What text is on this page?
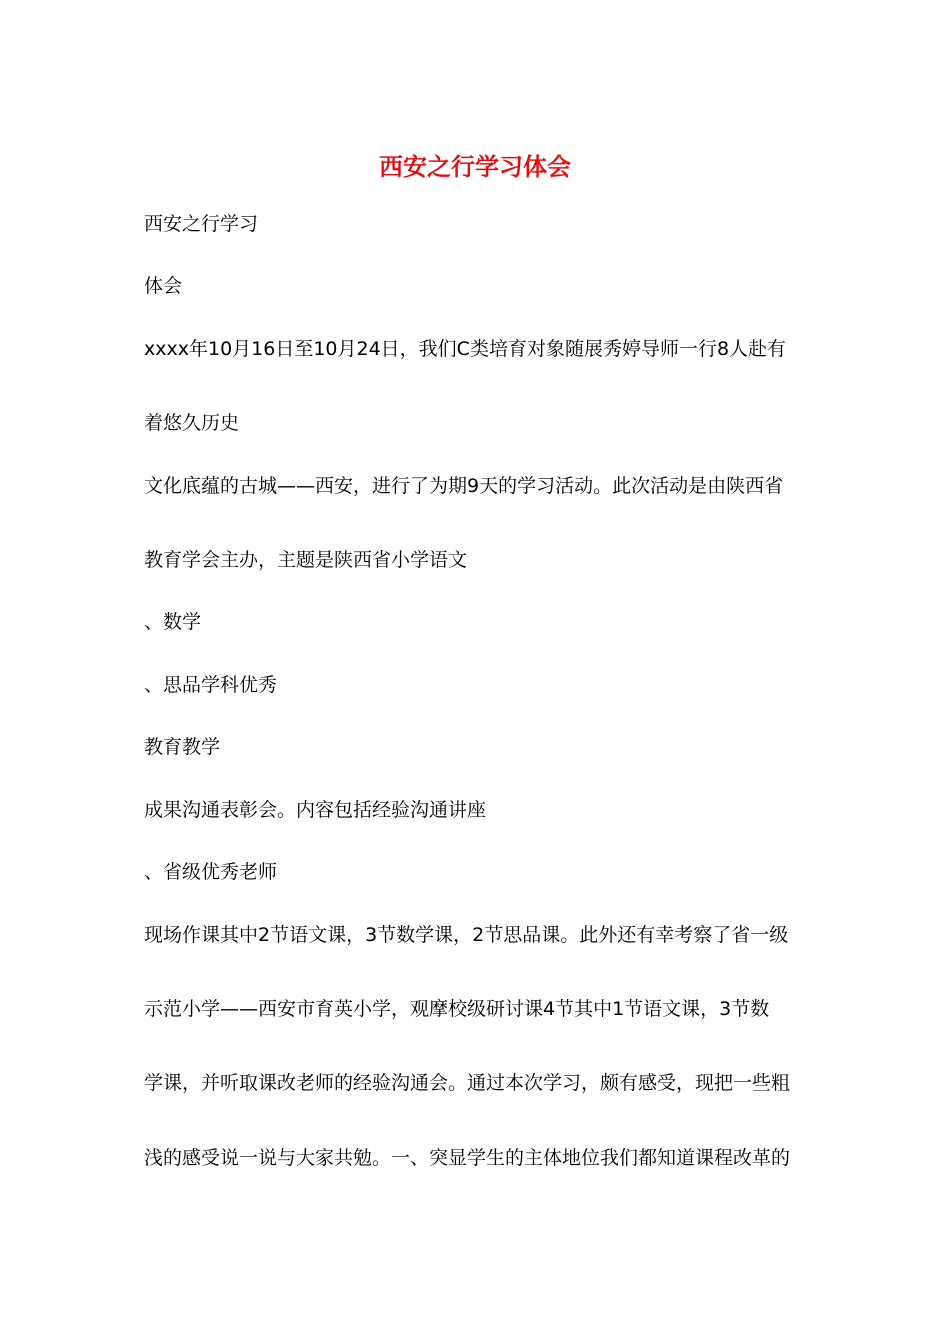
西安之行学习体会

西安之行学习

体会

xxxx年10月16日至10月24日，我们C类培育对象随展秀婷导师一行8人赴有

着悠久历史

文化底蕴的古城——西安，进行了为期9天的学习活动。此次活动是由陕西省

教育学会主办，主题是陕西省小学语文

、数学

、思品学科优秀

教育教学

成果沟通表彰会。内容包括经验沟通讲座

、省级优秀老师

现场作课其中2节语文课，3节数学课，2节思品课。此外还有幸考察了省一级

示范小学——西安市育英小学，观摩校级研讨课4节其中1节语文课，3节数

学课，并听取课改老师的经验沟通会。通过本次学习，颇有感受，现把一些粗

浅的感受说一说与大家共勉。一、突显学生的主体地位我们都知道课程改革的
